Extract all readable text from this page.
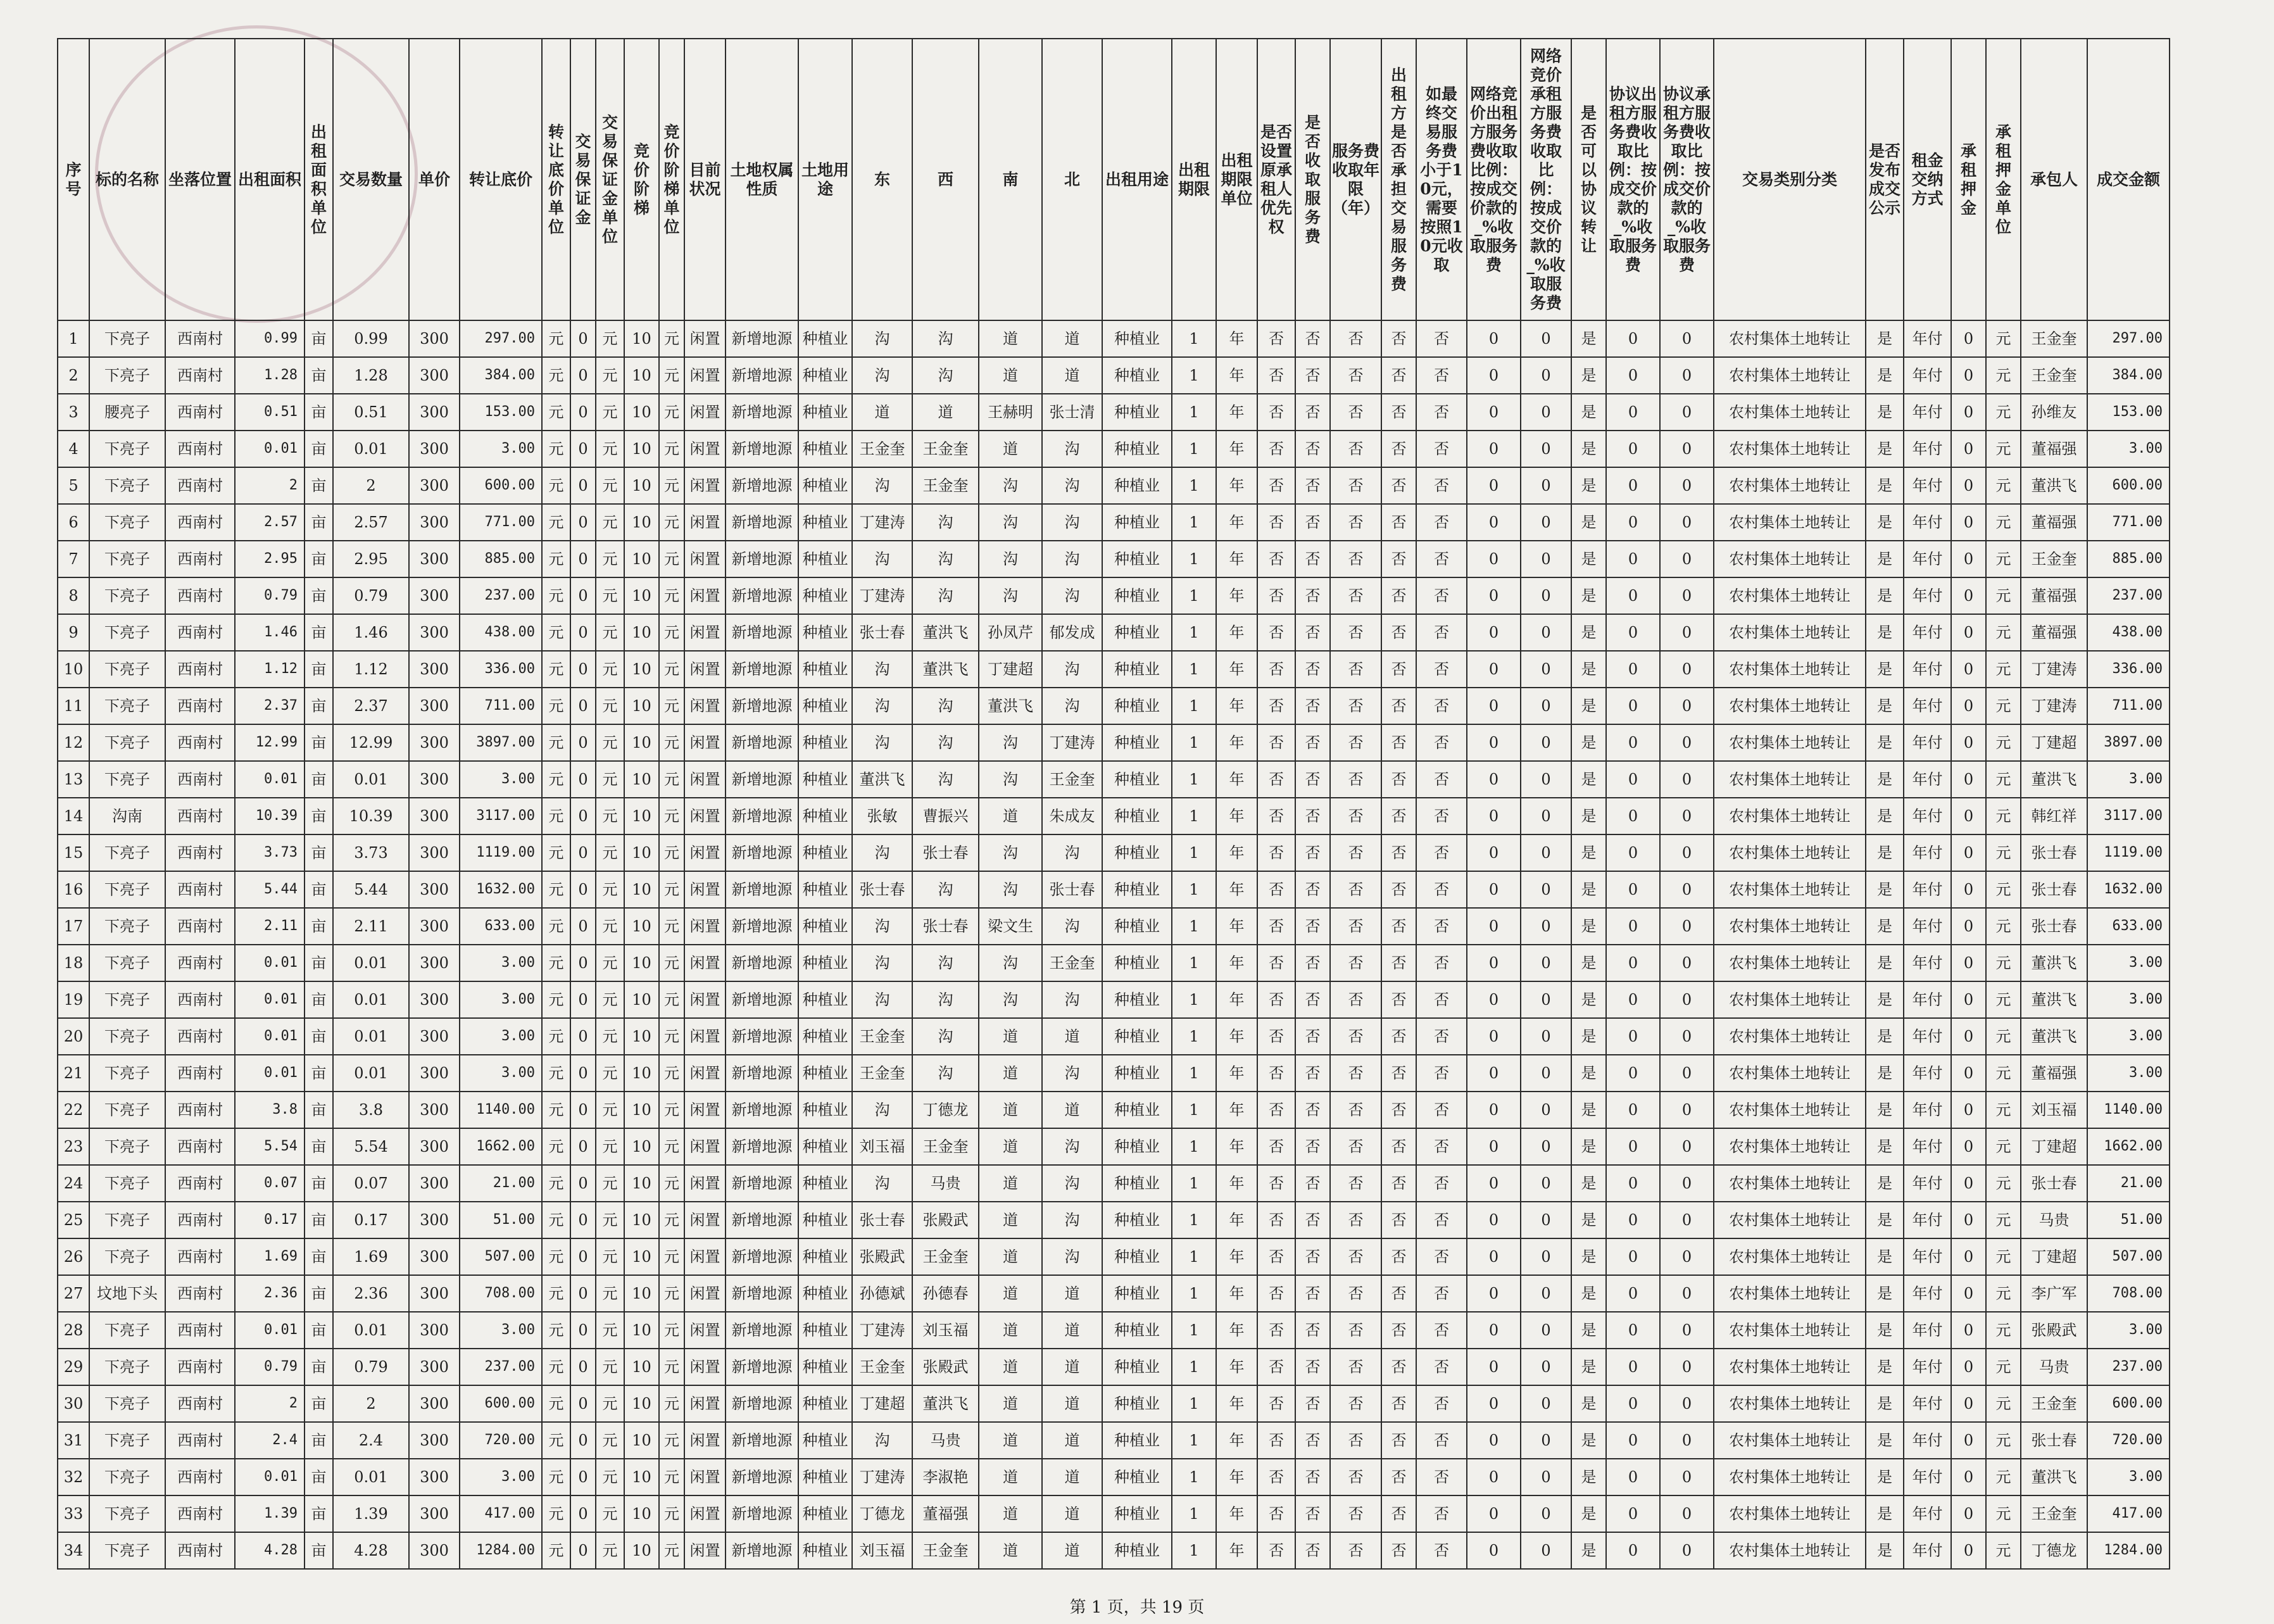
序号	标的名称	坐落位置	出租面积	出租面积单位	交易数量	单价	转让底价	转让底价单位	交易保证金	交易保证金单位	竞价阶梯	竞价阶梯单位	目前状况	土地权属性质	土地用途	东	西	南	北	出租用途	出租期限	出租期限单位	是否设置原承租人优先权	是否收取服务费	服务费收取年限（年）	出租方是否承担交易服务费	如最终交易服务费小于10元，需要按照10元收取	网络竞价出租方服务费收取比例：按成交价款的_%收取服务费	网络竞价承租方服务费收取比例：按成交价款的_%收取服务费	是否可以协议转让	协议出租方服务费收取比例：按成交价款的_%收取服务费	协议承租方服务费收取比例：按成交价款的_%收取服务费	交易类别分类	是否发布成交公示	租金交纳方式	承租押金	承租押金单位	承包人	成交金额
1	下亮子	西南村	0.99	亩	0.99	300	297.00	元	0	元	10	元	闲置	新增地源	种植业	沟	沟	道	道	种植业	1	年	否	否	否	否	否	0	0	是	0	0	农村集体土地转让	是	年付	0	元	王金奎	297.00
2	下亮子	西南村	1.28	亩	1.28	300	384.00	元	0	元	10	元	闲置	新增地源	种植业	沟	沟	道	道	种植业	1	年	否	否	否	否	否	0	0	是	0	0	农村集体土地转让	是	年付	0	元	王金奎	384.00
3	腰亮子	西南村	0.51	亩	0.51	300	153.00	元	0	元	10	元	闲置	新增地源	种植业	道	道	王赫明	张士清	种植业	1	年	否	否	否	否	否	0	0	是	0	0	农村集体土地转让	是	年付	0	元	孙维友	153.00
4	下亮子	西南村	0.01	亩	0.01	300	3.00	元	0	元	10	元	闲置	新增地源	种植业	王金奎	王金奎	道	沟	种植业	1	年	否	否	否	否	否	0	0	是	0	0	农村集体土地转让	是	年付	0	元	董福强	3.00
5	下亮子	西南村	2	亩	2	300	600.00	元	0	元	10	元	闲置	新增地源	种植业	沟	王金奎	沟	沟	种植业	1	年	否	否	否	否	否	0	0	是	0	0	农村集体土地转让	是	年付	0	元	董洪飞	600.00
6	下亮子	西南村	2.57	亩	2.57	300	771.00	元	0	元	10	元	闲置	新增地源	种植业	丁建涛	沟	沟	沟	种植业	1	年	否	否	否	否	否	0	0	是	0	0	农村集体土地转让	是	年付	0	元	董福强	771.00
7	下亮子	西南村	2.95	亩	2.95	300	885.00	元	0	元	10	元	闲置	新增地源	种植业	沟	沟	沟	沟	种植业	1	年	否	否	否	否	否	0	0	是	0	0	农村集体土地转让	是	年付	0	元	王金奎	885.00
8	下亮子	西南村	0.79	亩	0.79	300	237.00	元	0	元	10	元	闲置	新增地源	种植业	丁建涛	沟	沟	沟	种植业	1	年	否	否	否	否	否	0	0	是	0	0	农村集体土地转让	是	年付	0	元	董福强	237.00
9	下亮子	西南村	1.46	亩	1.46	300	438.00	元	0	元	10	元	闲置	新增地源	种植业	张士春	董洪飞	孙凤芹	郁发成	种植业	1	年	否	否	否	否	否	0	0	是	0	0	农村集体土地转让	是	年付	0	元	董福强	438.00
10	下亮子	西南村	1.12	亩	1.12	300	336.00	元	0	元	10	元	闲置	新增地源	种植业	沟	董洪飞	丁建超	沟	种植业	1	年	否	否	否	否	否	0	0	是	0	0	农村集体土地转让	是	年付	0	元	丁建涛	336.00
11	下亮子	西南村	2.37	亩	2.37	300	711.00	元	0	元	10	元	闲置	新增地源	种植业	沟	沟	董洪飞	沟	种植业	1	年	否	否	否	否	否	0	0	是	0	0	农村集体土地转让	是	年付	0	元	丁建涛	711.00
12	下亮子	西南村	12.99	亩	12.99	300	3897.00	元	0	元	10	元	闲置	新增地源	种植业	沟	沟	沟	丁建涛	种植业	1	年	否	否	否	否	否	0	0	是	0	0	农村集体土地转让	是	年付	0	元	丁建超	3897.00
13	下亮子	西南村	0.01	亩	0.01	300	3.00	元	0	元	10	元	闲置	新增地源	种植业	董洪飞	沟	沟	王金奎	种植业	1	年	否	否	否	否	否	0	0	是	0	0	农村集体土地转让	是	年付	0	元	董洪飞	3.00
14	沟南	西南村	10.39	亩	10.39	300	3117.00	元	0	元	10	元	闲置	新增地源	种植业	张敏	曹振兴	道	朱成友	种植业	1	年	否	否	否	否	否	0	0	是	0	0	农村集体土地转让	是	年付	0	元	韩红祥	3117.00
15	下亮子	西南村	3.73	亩	3.73	300	1119.00	元	0	元	10	元	闲置	新增地源	种植业	沟	张士春	沟	沟	种植业	1	年	否	否	否	否	否	0	0	是	0	0	农村集体土地转让	是	年付	0	元	张士春	1119.00
16	下亮子	西南村	5.44	亩	5.44	300	1632.00	元	0	元	10	元	闲置	新增地源	种植业	张士春	沟	沟	张士春	种植业	1	年	否	否	否	否	否	0	0	是	0	0	农村集体土地转让	是	年付	0	元	张士春	1632.00
17	下亮子	西南村	2.11	亩	2.11	300	633.00	元	0	元	10	元	闲置	新增地源	种植业	沟	张士春	梁文生	沟	种植业	1	年	否	否	否	否	否	0	0	是	0	0	农村集体土地转让	是	年付	0	元	张士春	633.00
18	下亮子	西南村	0.01	亩	0.01	300	3.00	元	0	元	10	元	闲置	新增地源	种植业	沟	沟	沟	王金奎	种植业	1	年	否	否	否	否	否	0	0	是	0	0	农村集体土地转让	是	年付	0	元	董洪飞	3.00
19	下亮子	西南村	0.01	亩	0.01	300	3.00	元	0	元	10	元	闲置	新增地源	种植业	沟	沟	沟	沟	种植业	1	年	否	否	否	否	否	0	0	是	0	0	农村集体土地转让	是	年付	0	元	董洪飞	3.00
20	下亮子	西南村	0.01	亩	0.01	300	3.00	元	0	元	10	元	闲置	新增地源	种植业	王金奎	沟	道	道	种植业	1	年	否	否	否	否	否	0	0	是	0	0	农村集体土地转让	是	年付	0	元	董洪飞	3.00
21	下亮子	西南村	0.01	亩	0.01	300	3.00	元	0	元	10	元	闲置	新增地源	种植业	王金奎	沟	道	沟	种植业	1	年	否	否	否	否	否	0	0	是	0	0	农村集体土地转让	是	年付	0	元	董福强	3.00
22	下亮子	西南村	3.8	亩	3.8	300	1140.00	元	0	元	10	元	闲置	新增地源	种植业	沟	丁德龙	道	道	种植业	1	年	否	否	否	否	否	0	0	是	0	0	农村集体土地转让	是	年付	0	元	刘玉福	1140.00
23	下亮子	西南村	5.54	亩	5.54	300	1662.00	元	0	元	10	元	闲置	新增地源	种植业	刘玉福	王金奎	道	沟	种植业	1	年	否	否	否	否	否	0	0	是	0	0	农村集体土地转让	是	年付	0	元	丁建超	1662.00
24	下亮子	西南村	0.07	亩	0.07	300	21.00	元	0	元	10	元	闲置	新增地源	种植业	沟	马贵	道	沟	种植业	1	年	否	否	否	否	否	0	0	是	0	0	农村集体土地转让	是	年付	0	元	张士春	21.00
25	下亮子	西南村	0.17	亩	0.17	300	51.00	元	0	元	10	元	闲置	新增地源	种植业	张士春	张殿武	道	沟	种植业	1	年	否	否	否	否	否	0	0	是	0	0	农村集体土地转让	是	年付	0	元	马贵	51.00
26	下亮子	西南村	1.69	亩	1.69	300	507.00	元	0	元	10	元	闲置	新增地源	种植业	张殿武	王金奎	道	沟	种植业	1	年	否	否	否	否	否	0	0	是	0	0	农村集体土地转让	是	年付	0	元	丁建超	507.00
27	坟地下头	西南村	2.36	亩	2.36	300	708.00	元	0	元	10	元	闲置	新增地源	种植业	孙德斌	孙德春	道	道	种植业	1	年	否	否	否	否	否	0	0	是	0	0	农村集体土地转让	是	年付	0	元	李广军	708.00
28	下亮子	西南村	0.01	亩	0.01	300	3.00	元	0	元	10	元	闲置	新增地源	种植业	丁建涛	刘玉福	道	道	种植业	1	年	否	否	否	否	否	0	0	是	0	0	农村集体土地转让	是	年付	0	元	张殿武	3.00
29	下亮子	西南村	0.79	亩	0.79	300	237.00	元	0	元	10	元	闲置	新增地源	种植业	王金奎	张殿武	道	道	种植业	1	年	否	否	否	否	否	0	0	是	0	0	农村集体土地转让	是	年付	0	元	马贵	237.00
30	下亮子	西南村	2	亩	2	300	600.00	元	0	元	10	元	闲置	新增地源	种植业	丁建超	董洪飞	道	道	种植业	1	年	否	否	否	否	否	0	0	是	0	0	农村集体土地转让	是	年付	0	元	王金奎	600.00
31	下亮子	西南村	2.4	亩	2.4	300	720.00	元	0	元	10	元	闲置	新增地源	种植业	沟	马贵	道	道	种植业	1	年	否	否	否	否	否	0	0	是	0	0	农村集体土地转让	是	年付	0	元	张士春	720.00
32	下亮子	西南村	0.01	亩	0.01	300	3.00	元	0	元	10	元	闲置	新增地源	种植业	丁建涛	李淑艳	道	道	种植业	1	年	否	否	否	否	否	0	0	是	0	0	农村集体土地转让	是	年付	0	元	董洪飞	3.00
33	下亮子	西南村	1.39	亩	1.39	300	417.00	元	0	元	10	元	闲置	新增地源	种植业	丁德龙	董福强	道	道	种植业	1	年	否	否	否	否	否	0	0	是	0	0	农村集体土地转让	是	年付	0	元	王金奎	417.00
34	下亮子	西南村	4.28	亩	4.28	300	1284.00	元	0	元	10	元	闲置	新增地源	种植业	刘玉福	王金奎	道	道	种植业	1	年	否	否	否	否	否	0	0	是	0	0	农村集体土地转让	是	年付	0	元	丁德龙	1284.00
第 1 页，共 19 页
